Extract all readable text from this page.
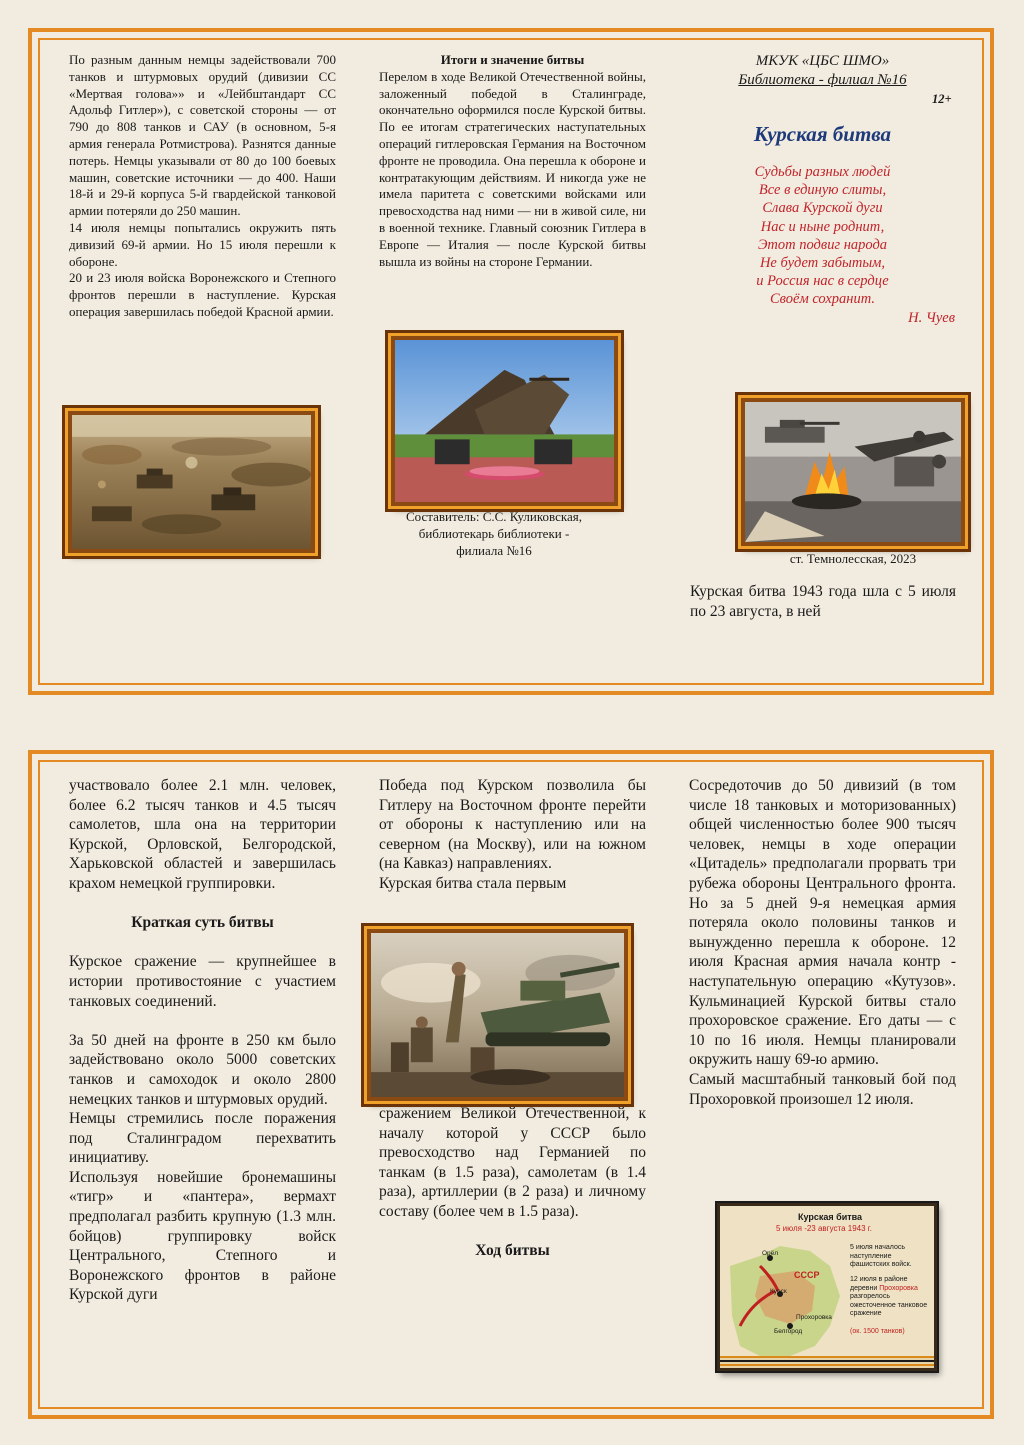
По разным данным немцы задействовали 700 танков и штурмовых орудий (дивизии СС «Мертвая голова»» и «Лейбштандарт СС Адольф Гитлер»), с советской стороны — от 790 до 808 танков и САУ (в основном, 5-я армия генерала Ротмистрова). Разнятся данные потерь. Немцы указывали от 80 до 100 боевых машин, советские источники — до 400. Наши 18-й и 29-й корпуса 5-й гвардейской танковой армии потеряли до 250 машин.

14 июля немцы попытались окружить пять дивизий 69-й армии. Но 15 июля перешли к обороне.

20 и 23 июля войска Воронежского и Степного фронтов перешли в наступление. Курская операция завершилась победой Красной армии.

Итоги и значение битвы

Перелом в ходе Великой Отечественной войны, заложенный победой в Сталинграде, окончательно оформился после Курской битвы. По ее итогам стратегических наступательных операций гитлеровская Германия на Восточном фронте не проводила. Она перешла к обороне и контратакующим действиям. И никогда уже не имела паритета с советскими войсками или превосходства над ними — ни в живой силе, ни в военной технике. Главный союзник Гитлера в Европе — Италия — после Курской битвы вышла из войны на стороне Германии.

Составитель: С.С. Куликовская,

библиотекарь библиотеки -

филиала №16

МКУК «ЦБС ШМО»

Библиотека - филиал №16

12+
Курская битва

Судьбы разных людей

Все в единую слиты,

Слава Курской дуги

Нас и ныне роднит,

Этот подвиг народа

Не будет забытым,

и Россия нас в сердце

Своём сохранит.

Н. Чуев
ст. Темнолесская, 2023
Курская битва 1943 года шла с 5 июля по 23 августа, в ней

участвовало более 2.1 млн. человек, более 6.2 тысяч танков и 4.5 тысяч самолетов, шла она на территории Курской, Орловской, Белгородской, Харьковской областей и завершилась крахом немецкой группировки.

Краткая суть битвы

Курское сражение — крупнейшее в истории противостояние с участием танковых соединений.

За 50 дней на фронте в 250 км было задействовано около 5000 советских танков и самоходок и около 2800 немецких танков и штурмовых орудий.

Немцы стремились после поражения под Сталинградом перехватить инициативу.

Используя новейшие бронемашины «тигр» и «пантера», вермахт предполагал разбить крупную (1.3 млн. бойцов) группировку войск Центрального, Степного и Воронежского фронтов в районе Курской дуги

Победа под Курском позволила бы Гитлеру на Восточном фронте перейти от обороны к наступлению или на северном (на Москву), или на южном (на Кавказ) направлениях.

Курская битва стала первым

сражением Великой Отечественной, к началу которой у СССР было превосходство над Германией по танкам (в 1.5 раза), самолетам (в 1.4 раза), артиллерии (в 2 раза) и личному составу (более чем в 1.5 раза).

Ход битвы

Сосредоточив до 50 дивизий (в том числе 18 танковых и моторизованных) общей численностью более 900 тысяч человек, немцы в ходе операции «Цитадель» предполагали прорвать три рубежа обороны Центрального фронта. Но за 5 дней 9-я немецкая армия потеряла около половины танков и вынужденно перешла к обороне. 12 июля Красная армия начала контр - наступательную операцию «Кутузов». Кульминацией Курской битвы стало прохоровское сражение. Его даты — с 10 по 16 июля. Немцы планировали окружить нашу 69-ю армию.

Самый масштабный танковый бой под Прохоровкой произошел 12 июля.

Курская битва
5 июля -23 августа 1943 г.
5 июля началось наступление фашистских войск.
12 июля в районе деревни Прохоровка разгорелось ожесточенное танковое сражение
(ок. 1500 танков)
Орёл
Курск
Белгород
СССР
Прохоровка
